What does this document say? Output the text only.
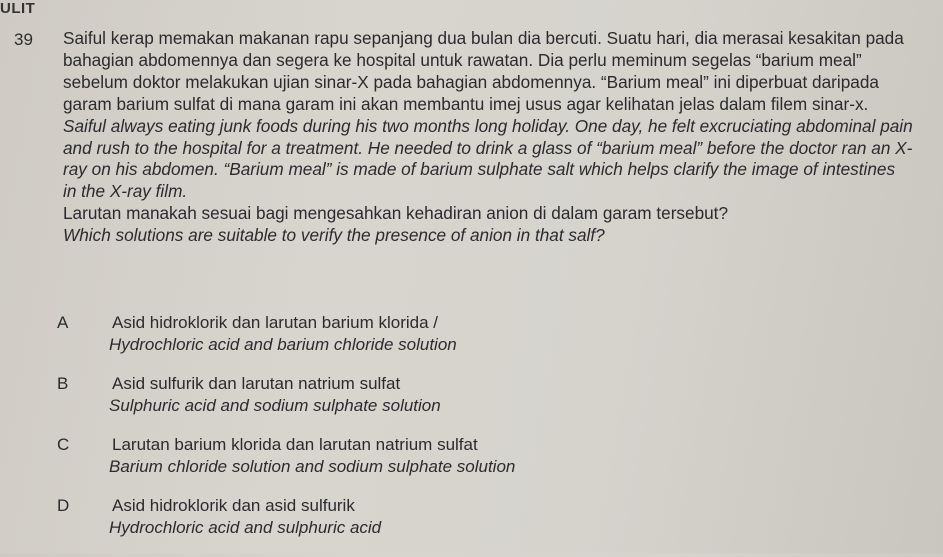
ULIT
39 Saiful kerap memakan makanan rapu sepanjang dua bulan dia bercuti. Suatu hari, dia merasai kesakitan pada bahagian abdomennya dan segera ke hospital untuk rawatan. Dia perlu meminum segelas “barium meal” sebelum doktor melakukan ujian sinar-X pada bahagian abdomennya. “Barium meal” ini diperbuat daripada garam barium sulfat di mana garam ini akan membantu imej usus agar kelihatan jelas dalam filem sinar-x.

Saiful always eating junk foods during his two months long holiday. One day, he felt excruciating abdominal pain and rush to the hospital for a treatment. He needed to drink a glass of “barium meal” before the doctor ran an X-ray on his abdomen. “Barium meal” is made of barium sulphate salt which helps clarify the image of intestines in the X-ray film.

Larutan manakah sesuai bagi mengesahkan kehadiran anion di dalam garam tersebut?

Which solutions are suitable to verify the presence of anion in that salf?

A	Asid hidroklorik dan larutan barium klorida /
Hydrochloric acid and barium chloride solution
B	Asid sulfurik dan larutan natrium sulfat
Sulphuric acid and sodium sulphate solution
C	Larutan barium klorida dan larutan natrium sulfat
Barium chloride solution and sodium sulphate solution
D	Asid hidroklorik dan asid sulfurik
Hydrochloric acid and sulphuric acid
